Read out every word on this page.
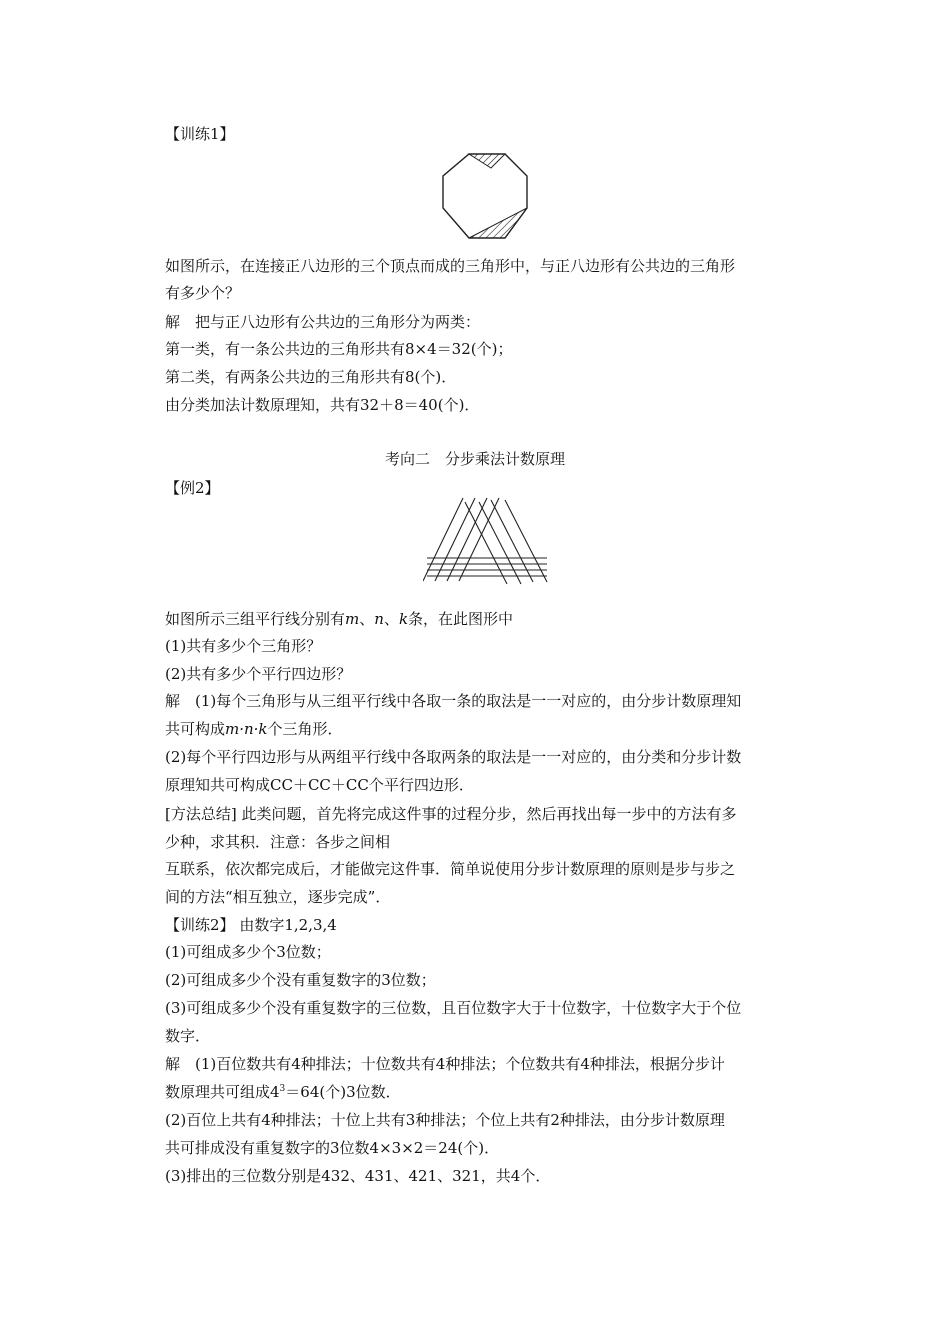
【训练1】
如图所示，在连接正八边形的三个顶点而成的三角形中，与正八边形有公共边的三角形
有多少个？
解　把与正八边形有公共边的三角形分为两类：
第一类，有一条公共边的三角形共有8×4＝32(个)；
第二类，有两条公共边的三角形共有8(个)．
由分类加法计数原理知，共有32＋8＝40(个)．
考向二　分步乘法计数原理
【例2】
如图所示三组平行线分别有m、n、k条，在此图形中
(1)共有多少个三角形？
(2)共有多少个平行四边形？
解　(1)每个三角形与从三组平行线中各取一条的取法是一一对应的，由分步计数原理知
共可构成m·n·k个三角形．
(2)每个平行四边形与从两组平行线中各取两条的取法是一一对应的，由分类和分步计数
原理知共可构成CC＋CC＋CC个平行四边形．
[方法总结] 此类问题，首先将完成这件事的过程分步，然后再找出每一步中的方法有多
少种，求其积．注意：各步之间相
互联系，依次都完成后，才能做完这件事．简单说使用分步计数原理的原则是步与步之
间的方法“相互独立，逐步完成”．
【训练2】 由数字1,2,3,4
(1)可组成多少个3位数；
(2)可组成多少个没有重复数字的3位数；
(3)可组成多少个没有重复数字的三位数，且百位数字大于十位数字，十位数字大于个位
数字．
解　(1)百位数共有4种排法；十位数共有4种排法；个位数共有4种排法，根据分步计
数原理共可组成$4^3=64$(个)3位数．
(2)百位上共有4种排法；十位上共有3种排法；个位上共有2种排法，由分步计数原理
共可排成没有重复数字的3位数4×3×2＝24(个)．
(3)排出的三位数分别是432、431、421、321，共4个．
